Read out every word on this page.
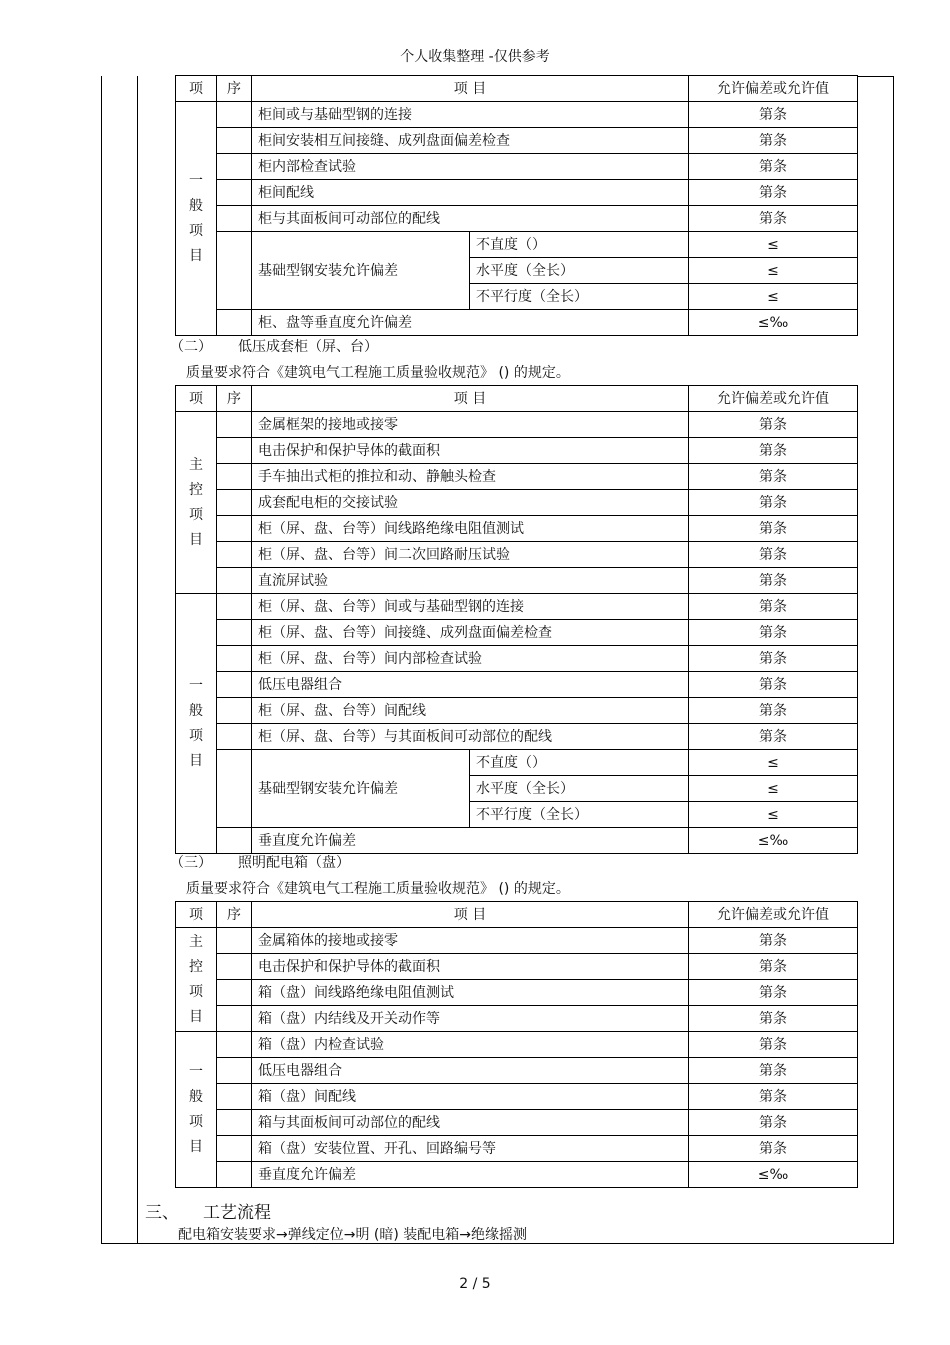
个人收集整理 -仅供参考
2 / 5
项	序	项 目		允许偏差或允许值
一
般
项
目		柜间或与基础型钢的连接		第条
		柜间安装相互间接缝、成列盘面偏差检查		第条
		柜内部检查试验		第条
		柜间配线		第条
		柜与其面板间可动部位的配线		第条
		基础型钢安装允许偏差	不直度（）	≤
			水平度（全长）	≤
			不平行度（全长）	≤
		柜、盘等垂直度允许偏差		≤‰
（二） 低压成套柜（屏、台）
质量要求符合《建筑电气工程施工质量验收规范》 () 的规定。
项	序	项 目		允许偏差或允许值
主
控
项
目		金属框架的接地或接零		第条
		电击保护和保护导体的截面积		第条
		手车抽出式柜的推拉和动、静触头检查		第条
		成套配电柜的交接试验		第条
		柜（屏、盘、台等）间线路绝缘电阻值测试		第条
		柜（屏、盘、台等）间二次回路耐压试验		第条
		直流屏试验		第条
一
般
项
目		柜（屏、盘、台等）间或与基础型钢的连接		第条
		柜（屏、盘、台等）间接缝、成列盘面偏差检查		第条
		柜（屏、盘、台等）间内部检查试验		第条
		低压电器组合		第条
		柜（屏、盘、台等）间配线		第条
		柜（屏、盘、台等）与其面板间可动部位的配线		第条
		基础型钢安装允许偏差	不直度（）	≤
			水平度（全长）	≤
			不平行度（全长）	≤
		垂直度允许偏差		≤‰
（三） 照明配电箱（盘）
质量要求符合《建筑电气工程施工质量验收规范》 () 的规定。
项	序	项 目	允许偏差或允许值
主
控
项
目		金属箱体的接地或接零	第条
		电击保护和保护导体的截面积	第条
		箱（盘）间线路绝缘电阻值测试	第条
		箱（盘）内结线及开关动作等	第条
一
般
项
目		箱（盘）内检查试验	第条
		低压电器组合	第条
		箱（盘）间配线	第条
		箱与其面板间可动部位的配线	第条
		箱（盘）安装位置、开孔、回路编号等	第条
		垂直度允许偏差	≤‰
三、 工艺流程
配电箱安装要求→弹线定位→明 (暗) 装配电箱→绝缘摇测
